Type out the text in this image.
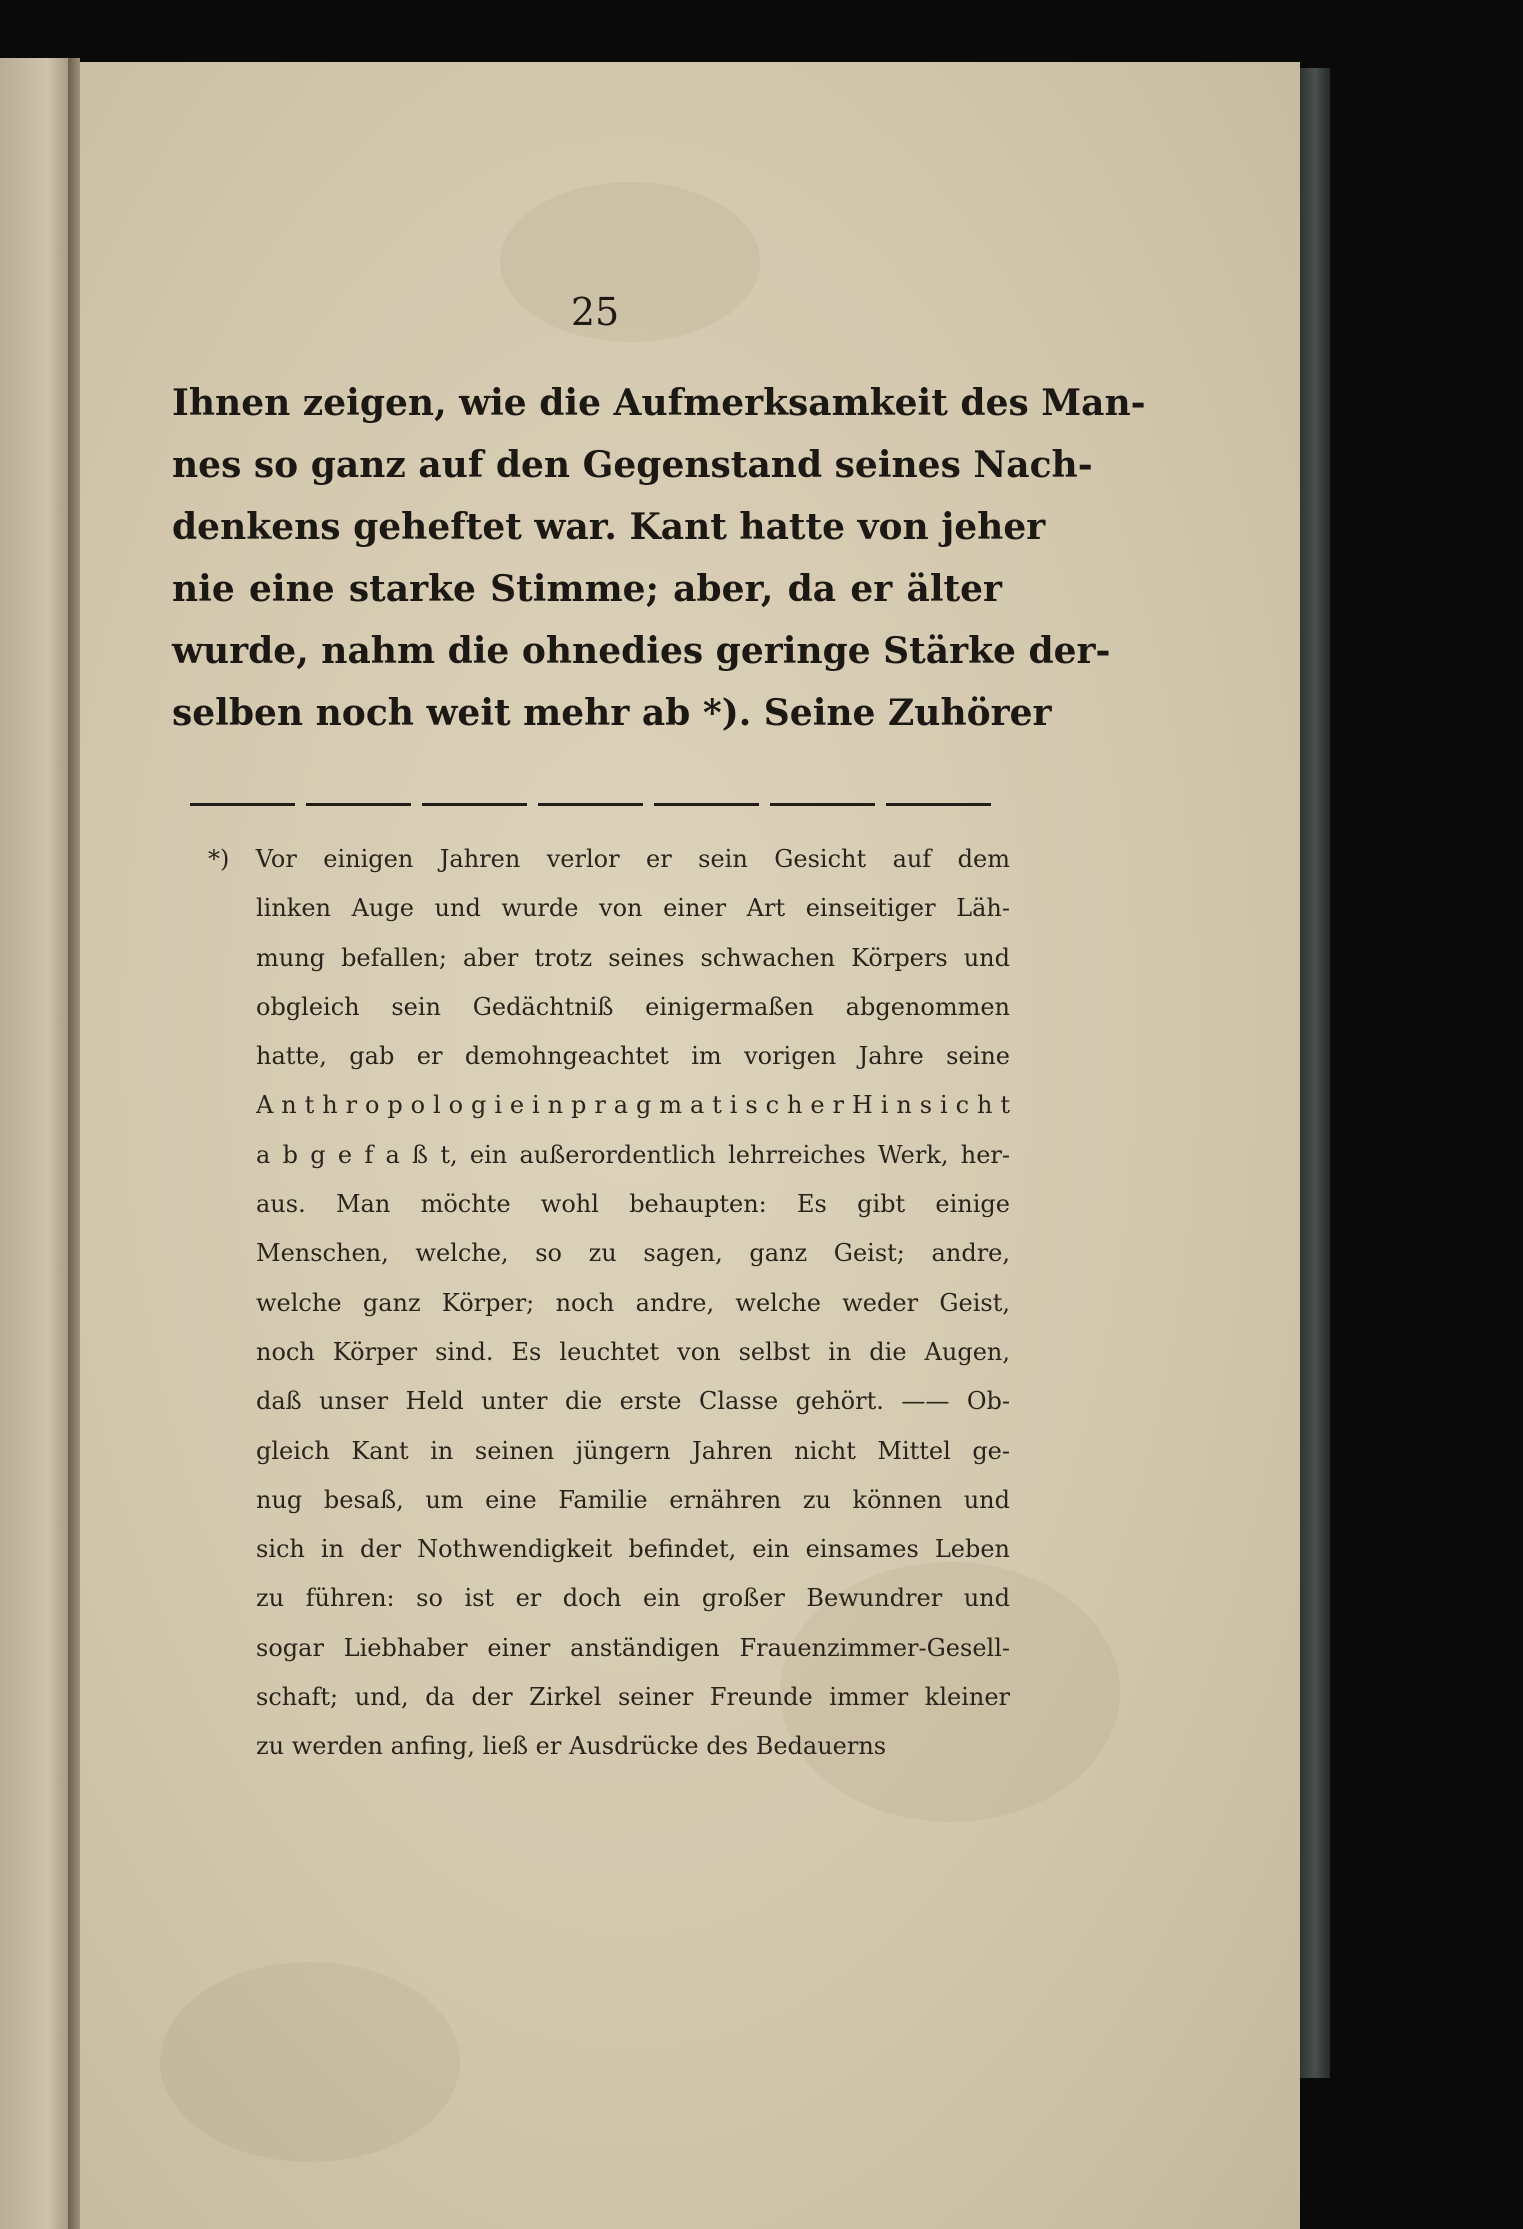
25
Ihnen zeigen, wie die Aufmerksamkeit des Man-
nes so ganz auf den Gegenstand seines Nach-
denkens geheftet war. Kant hatte von jeher
nie eine starke Stimme; aber, da er älter
wurde, nahm die ohnedies geringe Stärke der-
selben noch weit mehr ab *). Seine Zuhörer
*) Vor einigen Jahren verlor er sein Gesicht auf dem
linken Auge und wurde von einer Art einseitiger Läh-
mung befallen; aber trotz seines schwachen Körpers und
obgleich sein Gedächtniß einigermaßen abgenommen
hatte, gab er demohngeachtet im vorigen Jahre seine
A n t h r o p o l o g i e i n p r a g m a t i s c h e r H i n s i c h t
a b g e f a ß t, ein außerordentlich lehrreiches Werk, her-
aus. Man möchte wohl behaupten: Es gibt einige
Menschen, welche, so zu sagen, ganz Geist; andre,
welche ganz Körper; noch andre, welche weder Geist,
noch Körper sind. Es leuchtet von selbst in die Augen,
daß unser Held unter die erste Classe gehört. —— Ob-
gleich Kant in seinen jüngern Jahren nicht Mittel ge-
nug besaß, um eine Familie ernähren zu können und
sich in der Nothwendigkeit befindet, ein einsames Leben
zu führen: so ist er doch ein großer Bewundrer und
sogar Liebhaber einer anständigen Frauenzimmer-Gesell-
schaft; und, da der Zirkel seiner Freunde immer kleiner
zu werden anfing, ließ er Ausdrücke des Bedauerns
